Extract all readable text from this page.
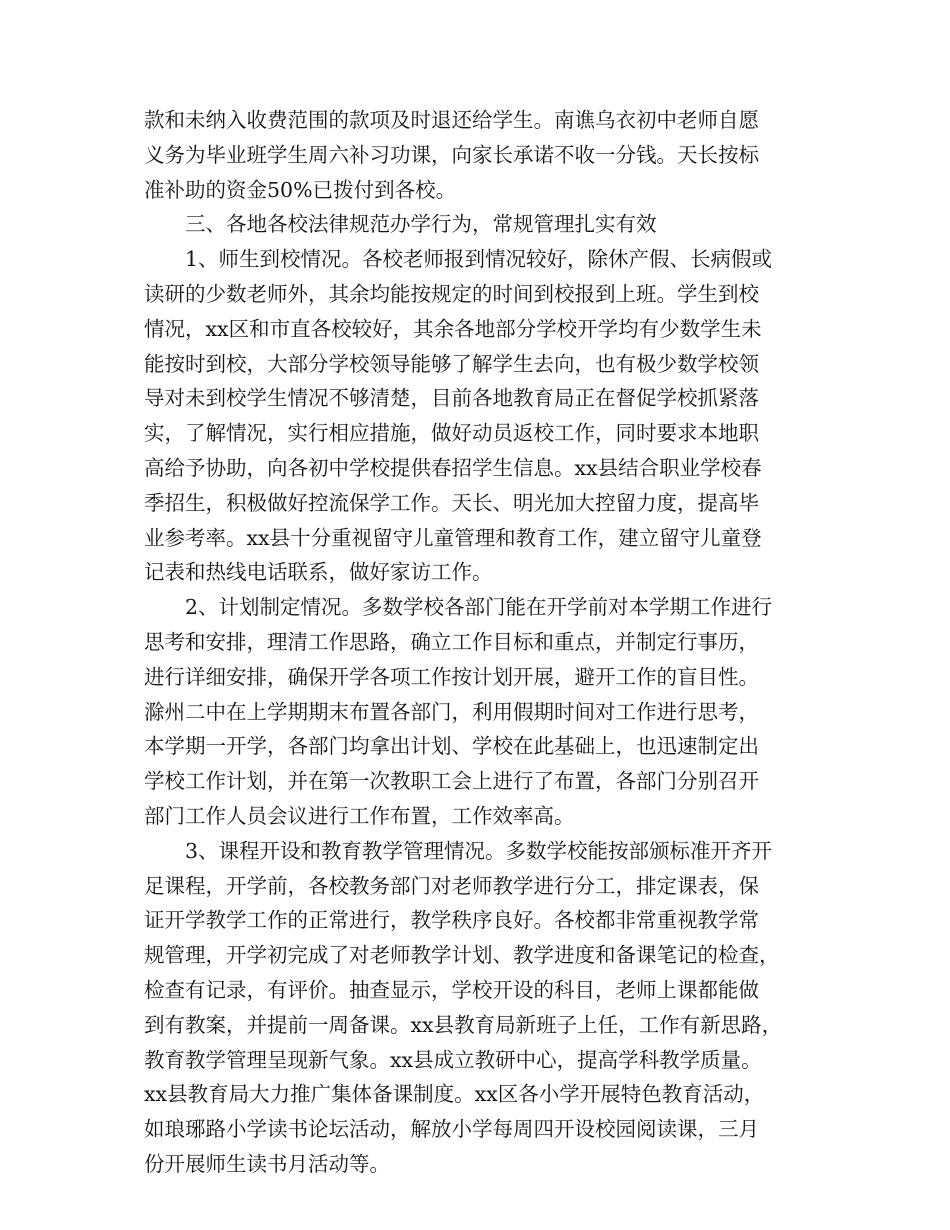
款和未纳入收费范围的款项及时退还给学生。南谯乌衣初中老师自愿
义务为毕业班学生周六补习功课，向家长承诺不收一分钱。天长按标
准补助的资金50%已拨付到各校。
三、各地各校法律规范办学行为，常规管理扎实有效
1、师生到校情况。各校老师报到情况较好，除休产假、长病假或
读研的少数老师外，其余均能按规定的时间到校报到上班。学生到校
情况，xx区和市直各校较好，其余各地部分学校开学均有少数学生未
能按时到校，大部分学校领导能够了解学生去向，也有极少数学校领
导对未到校学生情况不够清楚，目前各地教育局正在督促学校抓紧落
实，了解情况，实行相应措施，做好动员返校工作，同时要求本地职
高给予协助，向各初中学校提供春招学生信息。xx县结合职业学校春
季招生，积极做好控流保学工作。天长、明光加大控留力度，提高毕
业参考率。xx县十分重视留守儿童管理和教育工作，建立留守儿童登
记表和热线电话联系，做好家访工作。
2、计划制定情况。多数学校各部门能在开学前对本学期工作进行
思考和安排，理清工作思路，确立工作目标和重点，并制定行事历，
进行详细安排，确保开学各项工作按计划开展，避开工作的盲目性。
滁州二中在上学期期末布置各部门，利用假期时间对工作进行思考，
本学期一开学，各部门均拿出计划、学校在此基础上，也迅速制定出
学校工作计划，并在第一次教职工会上进行了布置，各部门分别召开
部门工作人员会议进行工作布置，工作效率高。
3、课程开设和教育教学管理情况。多数学校能按部颁标准开齐开
足课程，开学前，各校教务部门对老师教学进行分工，排定课表，保
证开学教学工作的正常进行，教学秩序良好。各校都非常重视教学常
规管理，开学初完成了对老师教学计划、教学进度和备课笔记的检查，
检查有记录，有评价。抽查显示，学校开设的科目，老师上课都能做
到有教案，并提前一周备课。xx县教育局新班子上任，工作有新思路，
教育教学管理呈现新气象。xx县成立教研中心，提高学科教学质量。
xx县教育局大力推广集体备课制度。xx区各小学开展特色教育活动，
如琅琊路小学读书论坛活动，解放小学每周四开设校园阅读课，三月
份开展师生读书月活动等。
